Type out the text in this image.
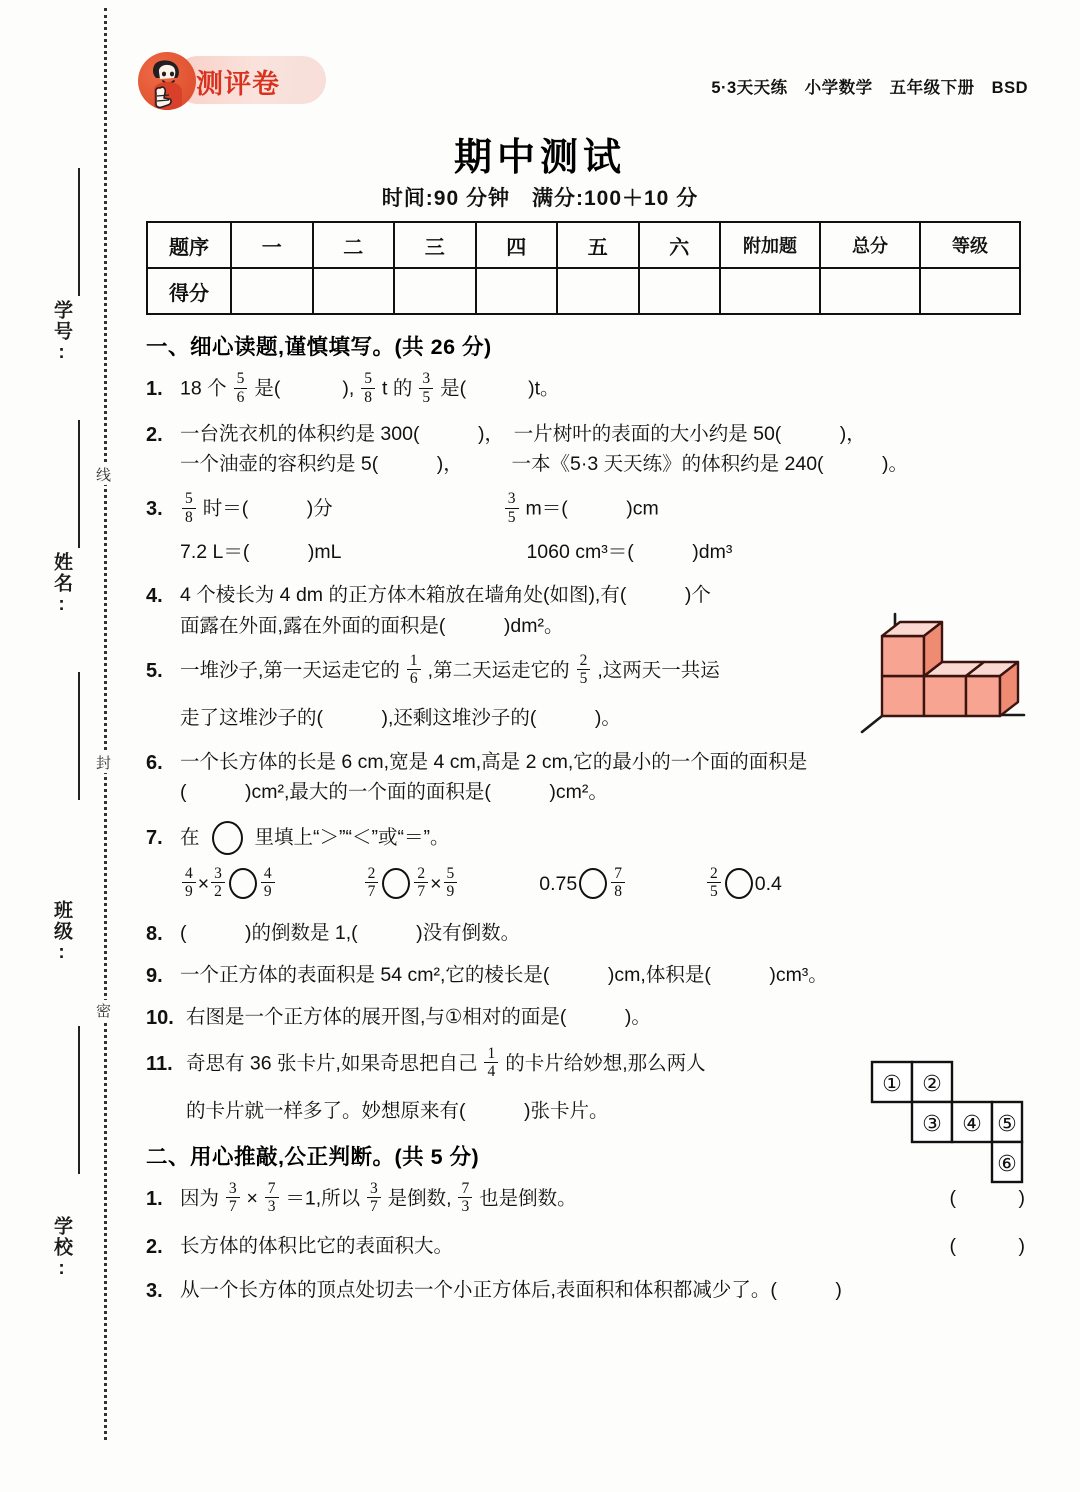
学号:
姓名:
班级:
学校:
线
封
密
测评卷	5·3天天练　小学数学　五年级下册　BSD
期中测试
时间:90 分钟　满分:100＋10 分
题序	一	二	三	四	五	六	附加题	总分	等级
得分									
一、细心读题,谨慎填写。(共 26 分)
1. 18 个 $\frac{5}{6}$ 是(	), $\frac{5}{8}$ t 的 $\frac{3}{5}$ 是(	)t。
2. 一台洗衣机的体积约是 300(　　　)，　一片树叶的表面的大小约是 50(　　　)，
一个油壶的容积约是 5(　　　)，　　　一本《5·3 天天练》的体积约是 240(　　　)。
3.	$\frac{5}{8}$ 时＝(　　　)分	$\frac{3}{5} m=$(　　　)cm
7.2 L＝(　　　)mL	1060 cm³＝(　　　)dm³
4. 4 个棱长为 4 dm 的正方体木箱放在墙角处(如图),有(　　　)个
面露在外面,露在外面的面积是(　　　)dm²。
5. 一堆沙子,第一天运走它的 $\frac{1}{6}$ ,第二天运走它的 $\frac{2}{5}$ ,这两天一共运
走了这堆沙子的(　　　),还剩这堆沙子的(　　　)。
6. 一个长方体的长是 6 cm,宽是 4 cm,高是 2 cm,它的最小的一个面的面积是
(　　　)cm²,最大的一个面的面积是(　　　)cm²。
7. 在	里填上“＞”“＜”或“＝”。
$\frac{4}{9} \times \frac{3}{2} \frac{4}{9}$	$\frac{2}{7} \frac{2}{7} \times \frac{5}{9}$	$0.75 \frac{7}{8}$	$\frac{2}{5} 0.4$
8. (　　　)的倒数是 1,(　　　)没有倒数。
9. 一个正方体的表面积是 54 cm²,它的棱长是(　　　)cm,体积是(　　　)cm³。
10. 右图是一个正方体的展开图,与①相对的面是(　　　)。
11. 奇思有 36 张卡片,如果奇思把自己 $\frac{1}{4}$ 的卡片给妙想,那么两人
的卡片就一样多了。妙想原来有(　　　)张卡片。
二、用心推敲,公正判断。(共 5 分)
1. 因为 $\frac{3}{7} \times \frac{7}{3} =1$,所以 $\frac{3}{7}$ 是倒数, $\frac{7}{3}$ 也是倒数。	(　　　)
2. 长方体的体积比它的表面积大。	(　　　)
3. 从一个长方体的顶点处切去一个小正方体后,表面积和体积都减少了。(　　　)
① ②
③ ④ ⑤
⑥
